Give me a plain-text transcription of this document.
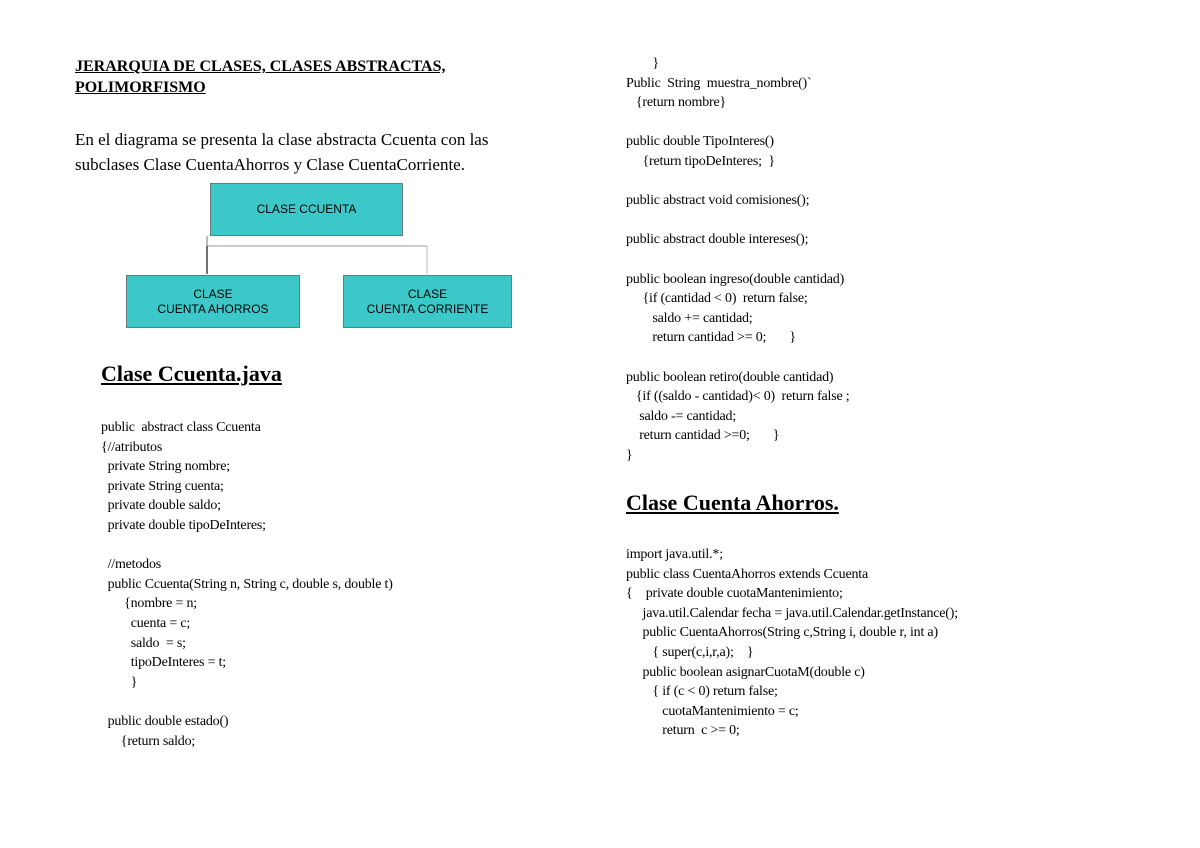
JERARQUIA DE CLASES, CLASES ABSTRACTAS,
POLIMORFISMO
En el diagrama se presenta la clase abstracta Ccuenta con las
subclases Clase CuentaAhorros y Clase CuentaCorriente.
CLASE CCUENTA
CLASE
CUENTA AHORROS
CLASE
CUENTA CORRIENTE
Clase Ccuenta.java
public  abstract class Ccuenta
{//atributos
private String nombre;
private String cuenta;
private double saldo;
private double tipoDeInteres;
//metodos
public Ccuenta(String n, String c, double s, double t)
{nombre = n;
cuenta = c;
saldo  = s;
tipoDeInteres = t;
}
public double estado()
{return saldo;
}
Public  String  muestra_nombre()`
{return nombre}
public double TipoInteres()
{return tipoDeInteres;  }
public abstract void comisiones();
public abstract double intereses();
public boolean ingreso(double cantidad)
{if (cantidad < 0)  return false;
saldo += cantidad;
return cantidad >= 0;       }
public boolean retiro(double cantidad)
{if ((saldo - cantidad)< 0)  return false ;
saldo -= cantidad;
return cantidad >=0;       }
}
Clase Cuenta Ahorros.
import java.util.*;
public class CuentaAhorros extends Ccuenta
{    private double cuotaMantenimiento;
java.util.Calendar fecha = java.util.Calendar.getInstance();
public CuentaAhorros(String c,String i, double r, int a)
{ super(c,i,r,a);    }
public boolean asignarCuotaM(double c)
{ if (c < 0) return false;
cuotaMantenimiento = c;
return  c >= 0;
